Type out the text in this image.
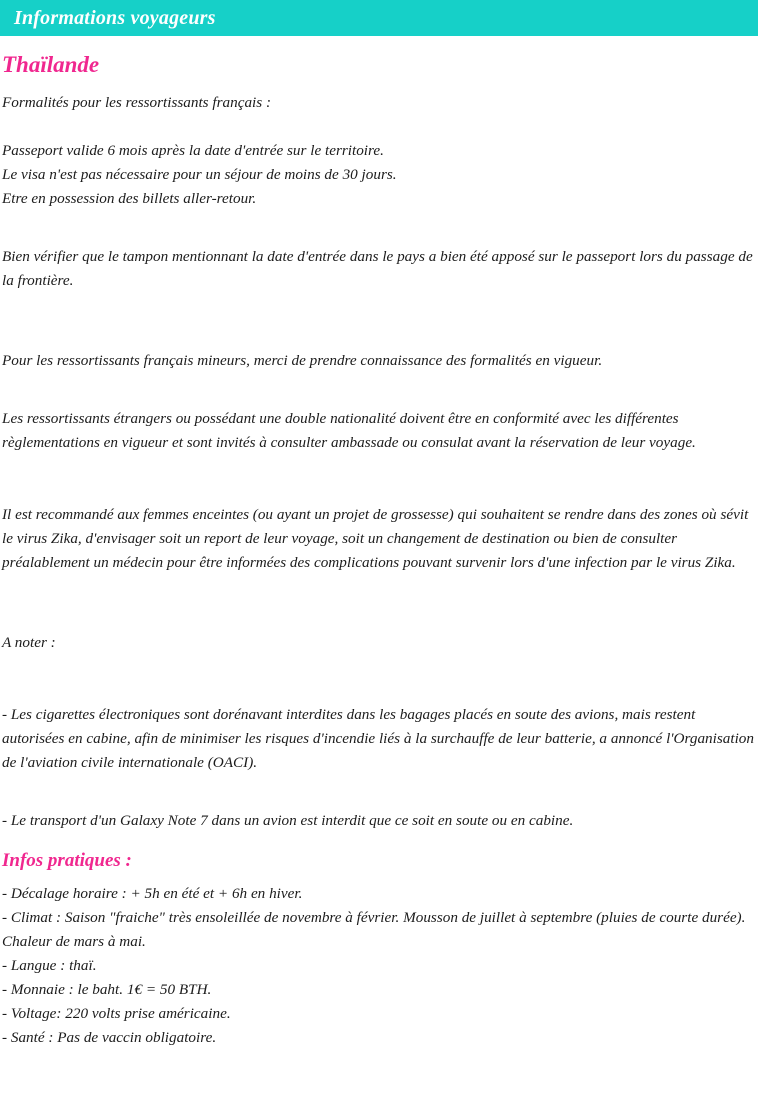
Informations voyageurs
Thaïlande

Formalités pour les ressortissants français :

Passeport valide 6 mois après la date d'entrée sur le territoire.

Le visa n'est pas nécessaire pour un séjour de moins de 30 jours.

Etre en possession des billets aller-retour.

Bien vérifier que le tampon mentionnant la date d'entrée dans le pays a bien été apposé sur le passeport lors du passage de la frontière.

Pour les ressortissants français mineurs, merci de prendre connaissance des formalités en vigueur.

Les ressortissants étrangers ou possédant une double nationalité doivent être en conformité avec les différentes règlementations en vigueur et sont invités à consulter ambassade ou consulat avant la réservation de leur voyage.

Il est recommandé aux femmes enceintes (ou ayant un projet de grossesse) qui souhaitent se rendre dans des zones où sévit le virus Zika, d'envisager soit un report de leur voyage, soit un changement de destination ou bien de consulter préalablement un médecin pour être informées des complications pouvant survenir lors d'une infection par le virus Zika.

A noter :

- Les cigarettes électroniques sont dorénavant interdites dans les bagages placés en soute des avions, mais restent autorisées en cabine, afin de minimiser les risques d'incendie liés à la surchauffe de leur batterie, a annoncé l'Organisation de l'aviation civile internationale (OACI).

- Le transport d'un Galaxy Note 7 dans un avion est interdit que ce soit en soute ou en cabine.

Infos pratiques :

- Décalage horaire : + 5h en été et + 6h en hiver.

- Climat : Saison "fraiche" très ensoleillée de novembre à février. Mousson de juillet à septembre (pluies de courte durée). Chaleur de mars à mai.

- Langue : thaï.

- Monnaie : le baht. 1€ = 50 BTH.

- Voltage: 220 volts prise américaine.

- Santé : Pas de vaccin obligatoire.
